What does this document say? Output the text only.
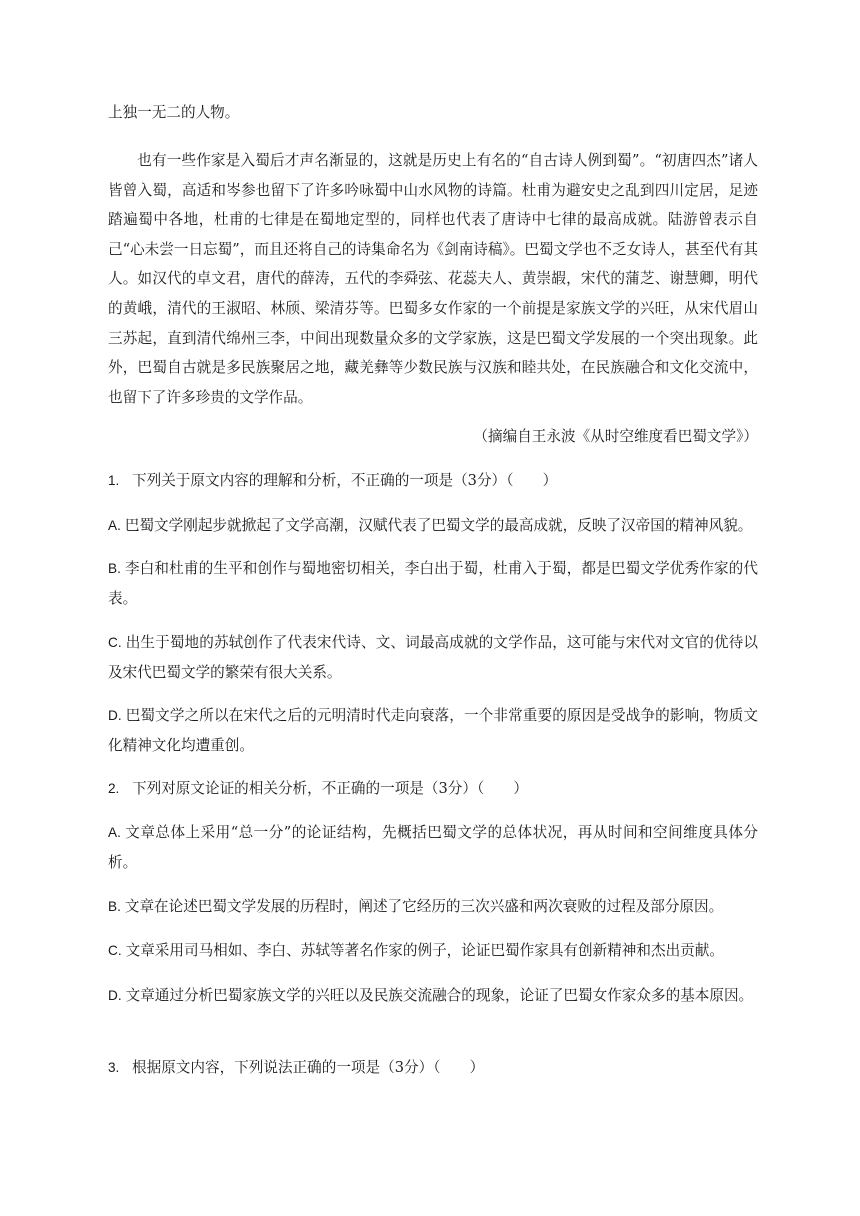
上独一无二的人物。

也有一些作家是入蜀后才声名渐显的，这就是历史上有名的“自古诗人例到蜀”。“初唐四杰”诸人皆曾入蜀，高适和岑参也留下了许多吟咏蜀中山水风物的诗篇。杜甫为避安史之乱到四川定居，足迹踏遍蜀中各地，杜甫的七律是在蜀地定型的，同样也代表了唐诗中七律的最高成就。陆游曾表示自己“心未尝一日忘蜀”，而且还将自己的诗集命名为《剑南诗稿》。巴蜀文学也不乏女诗人，甚至代有其人。如汉代的卓文君，唐代的薛涛，五代的李舜弦、花蕊夫人、黄崇嘏，宋代的蒲芝、谢慧卿，明代的黄峨，清代的王淑昭、林颀、梁清芬等。巴蜀多女作家的一个前提是家族文学的兴旺，从宋代眉山三苏起，直到清代绵州三李，中间出现数量众多的文学家族，这是巴蜀文学发展的一个突出现象。此外，巴蜀自古就是多民族聚居之地，藏羌彝等少数民族与汉族和睦共处，在民族融合和文化交流中，也留下了许多珍贵的文学作品。

（摘编自王永波《从时空维度看巴蜀文学》）

1. 下列关于原文内容的理解和分析，不正确的一项是（3分）（　　）

A. 巴蜀文学刚起步就掀起了文学高潮，汉赋代表了巴蜀文学的最高成就，反映了汉帝国的精神风貌。

B. 李白和杜甫的生平和创作与蜀地密切相关，李白出于蜀，杜甫入于蜀，都是巴蜀文学优秀作家的代表。

C. 出生于蜀地的苏轼创作了代表宋代诗、文、词最高成就的文学作品，这可能与宋代对文官的优待以及宋代巴蜀文学的繁荣有很大关系。

D. 巴蜀文学之所以在宋代之后的元明清时代走向衰落，一个非常重要的原因是受战争的影响，物质文化精神文化均遭重创。

2. 下列对原文论证的相关分析，不正确的一项是（3分）（　　）

A. 文章总体上采用“总一分”的论证结构，先概括巴蜀文学的总体状况，再从时间和空间维度具体分析。

B. 文章在论述巴蜀文学发展的历程时，阐述了它经历的三次兴盛和两次衰败的过程及部分原因。

C. 文章采用司马相如、李白、苏轼等著名作家的例子，论证巴蜀作家具有创新精神和杰出贡献。

D. 文章通过分析巴蜀家族文学的兴旺以及民族交流融合的现象，论证了巴蜀女作家众多的基本原因。

3. 根据原文内容，下列说法正确的一项是（3分）（　　）
